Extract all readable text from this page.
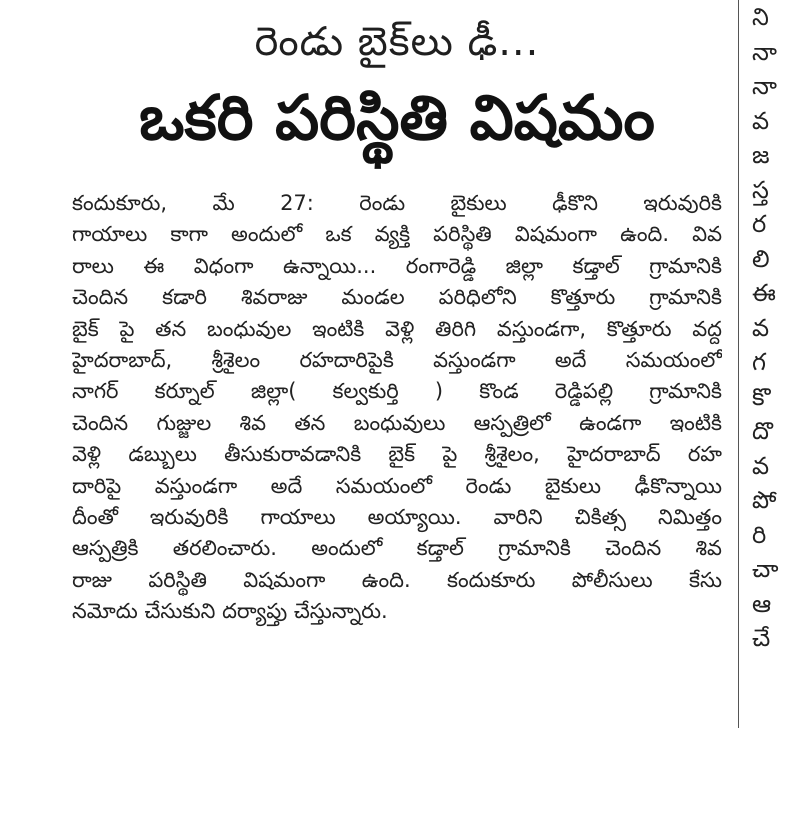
రెండు బైక్‌లు ఢీ...
ఒకరి పరిస్థితి విషమం
కందుకూరు, మే 27: రెండు బైకులు ఢీకొని ఇరువురికి
గాయాలు కాగా అందులో ఒక వ్యక్తి పరిస్థితి విషమంగా ఉంది. వివ
రాలు ఈ విధంగా ఉన్నాయి... రంగారెడ్డి జిల్లా కడ్తాల్ గ్రామానికి
చెందిన కడారి శివరాజు మండల పరిధిలోని కొత్తూరు గ్రామానికి
బైక్ పై తన బంధువుల ఇంటికి వెళ్లి తిరిగి వస్తుండగా, కొత్తూరు వద్ద
హైదరాబాద్, శ్రీశైలం రహదారిపైకి వస్తుండగా అదే సమయంలో
నాగర్ కర్నూల్ జిల్లా( కల్వకుర్తి ) కొండ రెడ్డిపల్లి గ్రామానికి
చెందిన గుజ్జుల శివ తన బంధువులు ఆస్పత్రిలో ఉండగా ఇంటికి
వెళ్లి డబ్బులు తీసుకురావడానికి బైక్ పై శ్రీశైలం, హైదరాబాద్ రహ
దారిపై వస్తుండగా అదే సమయంలో రెండు బైకులు ఢీకొన్నాయి
దీంతో ఇరువురికి గాయాలు అయ్యాయి. వారిని చికిత్స నిమిత్తం
ఆస్పత్రికి తరలించారు. అందులో కడ్తాల్ గ్రామానికి చెందిన శివ
రాజు పరిస్థితి విషమంగా ఉంది. కందుకూరు పోలీసులు కేసు
నమోదు చేసుకుని దర్యాప్తు చేస్తున్నారు.
ని
నా
నా
వ
జ
స్త
ర
లి
ఈ
వ
గ
కొ
దొ
వ
పో
రి
చా
ఆ
చే
